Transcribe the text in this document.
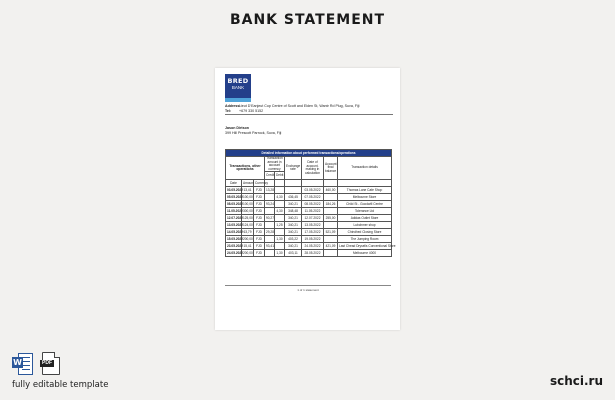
BANK STATEMENT
BRED
BANK
Address:Lieut D'Eanjeut Cop Centre of Scott and Elden St, Wantr Rd Plug, Suva, Fiji
Tel: +679 330 5152
Jason Dirtson
399 Hill Prescott Parrock, Suva, Fiji
Detailed information about performed transactions/operations								
Transactions, other operations			Transaction amount in account currency		Exchange rate	Date of account. making in calculation	Account final balance	Transaction details
			Credit	Debit				
Date	Amount	Currency						
03.05.2022	13,41	FJD	13,28			03.05.2022	460,00	Thomas Lane Cafe Shop
05.05.2022	100,00	FJD		4,30	436,45	07.05.2022		Melbourne Store
08.05.2022	100,00	FJD	93,24		340,21	08.05.2022	184,26	Child St - Goodwill Centre
11.05.2022	300,00	FJD		4,30	348,48	11.05.2022		Tolerance Ltd
12.07.2022	125,00	FJD	90,27		340,21	12.07.2022	255,00	Adidas Outlet Store
13.05.2022	124,00	FJD		1,25	340,21	13.05.2022		Lubchmer shop
14.05.2022	63,79	FJD	29,28		340,21	17.05.2022	521,09	Chindhed Closing Store
15.05.2022	200,00	FJD		1,30	403,22	19.05.2022		The Jumping Room
23.05.2022	15,41	FJD	93,41		340,21	24.05.2022	421,09	Last Chead Drysells Conventional Store
24.05.2022	200,00	FJD		1,30	403,11	28.05.2022		Melbourne 4000
1 of 1 statement
W	PDF
fully editable template	schci.ru
